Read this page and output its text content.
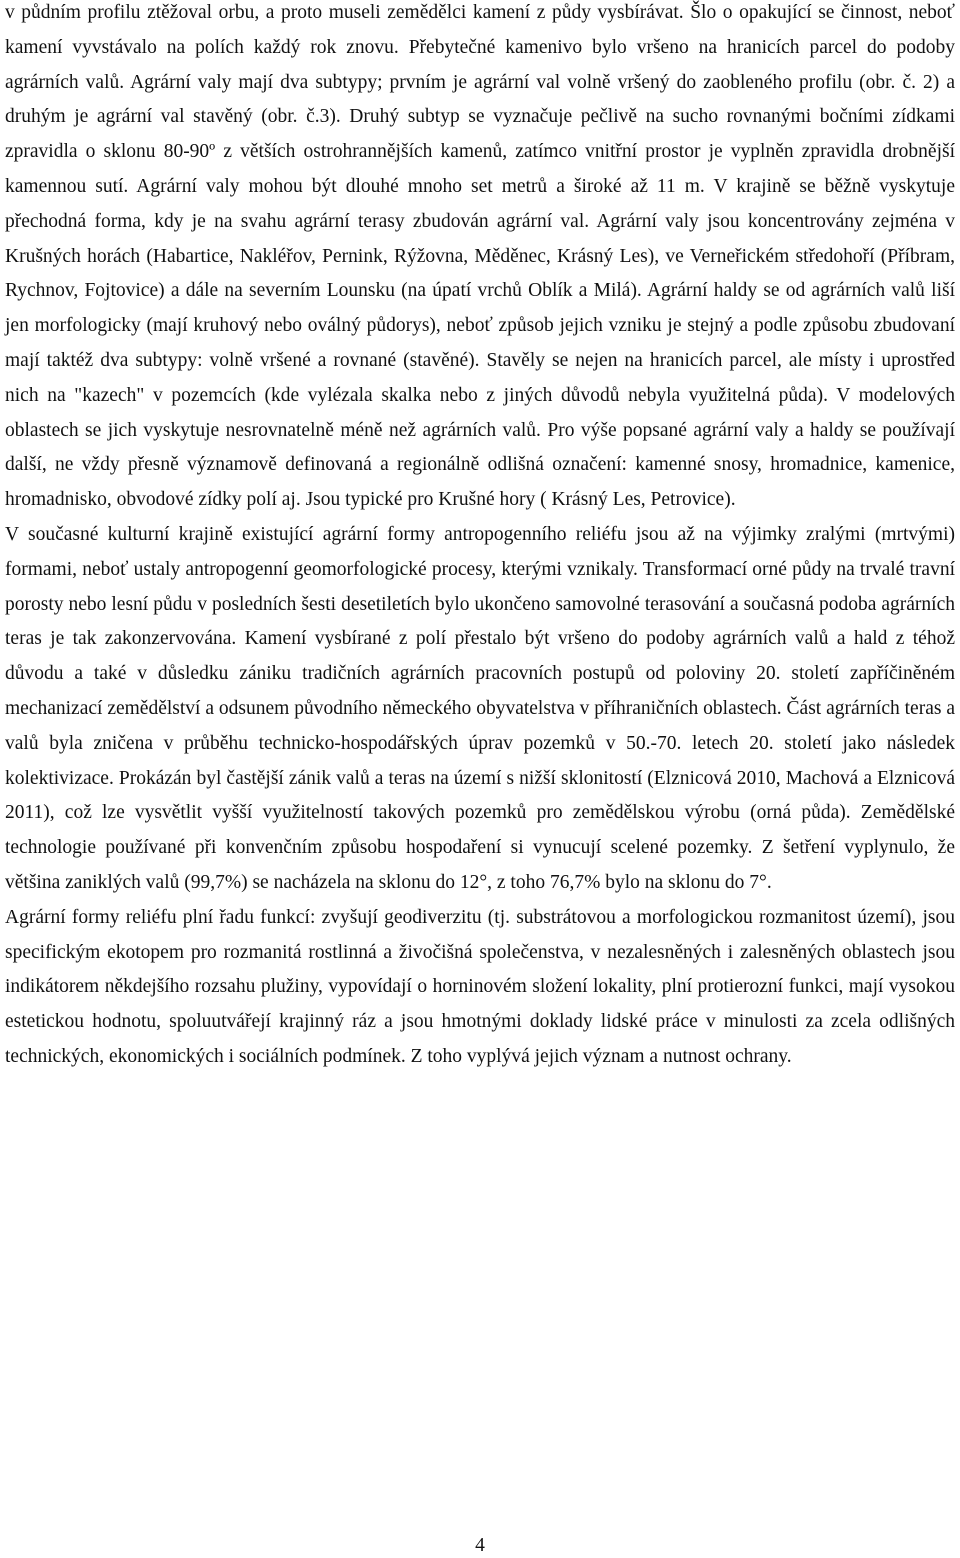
v půdním profilu ztěžoval orbu, a proto museli zemědělci kamení z půdy vysbírávat. Šlo o opakující se činnost, neboť kamení vyvstávalo na polích každý rok znovu. Přebytečné kamenivo bylo vršeno na hranicích parcel do podoby agrárních valů. Agrární valy mají dva subtypy; prvním je agrární val volně vršený do zaobleného profilu (obr. č. 2) a druhým je agrární val stavěný (obr. č.3). Druhý subtyp se vyznačuje pečlivě na sucho rovnanými bočními zídkami zpravidla o sklonu 80-90º z větších ostrohrannějších kamenů, zatímco vnitřní prostor je vyplněn zpravidla drobnější kamennou sutí. Agrární valy mohou být dlouhé mnoho set metrů a široké až 11 m. V krajině se běžně vyskytuje přechodná forma, kdy je na svahu agrární terasy zbudován agrární val. Agrární valy jsou koncentrovány zejména v Krušných horách (Habartice, Nakléřov, Pernink, Rýžovna, Měděnec, Krásný Les), ve Verneřickém středohoří (Příbram, Rychnov, Fojtovice) a dále na severním Lounsku (na úpatí vrchů Oblík a Milá). Agrární haldy se od agrárních valů liší jen morfologicky (mají kruhový nebo oválný půdorys), neboť způsob jejich vzniku je stejný a podle způsobu zbudovaní mají taktéž dva subtypy: volně vršené a rovnané (stavěné). Stavěly se nejen na hranicích parcel, ale místy i uprostřed nich na "kazech" v pozemcích (kde vylézala skalka nebo z jiných důvodů nebyla využitelná půda). V modelových oblastech se jich vyskytuje nesrovnatelně méně než agrárních valů. Pro výše popsané agrární valy a haldy se používají další, ne vždy přesně významově definovaná a regionálně odlišná označení: kamenné snosy, hromadnice, kamenice, hromadnisko, obvodové zídky polí aj. Jsou typické pro Krušné hory ( Krásný Les, Petrovice).

V současné kulturní krajině existující agrární formy antropogenního reliéfu jsou až na výjimky zralými (mrtvými) formami, neboť ustaly antropogenní geomorfologické procesy, kterými vznikaly. Transformací orné půdy na trvalé travní porosty nebo lesní půdu v posledních šesti desetiletích bylo ukončeno samovolné terasování a současná podoba agrárních teras je tak zakonzervována. Kamení vysbírané z polí přestalo být vršeno do podoby agrárních valů a hald z téhož důvodu a také v důsledku zániku tradičních agrárních pracovních postupů od poloviny 20. století zapříčiněném mechanizací zemědělství a odsunem původního německého obyvatelstva v příhraničních oblastech. Část agrárních teras a valů byla zničena v průběhu technicko-hospodářských úprav pozemků v 50.-70. letech 20. století jako následek kolektivizace. Prokázán byl častější zánik valů a teras na území s nižší sklonitostí (Elznicová 2010, Machová a Elznicová 2011), což lze vysvětlit vyšší využitelností takových pozemků pro zemědělskou výrobu (orná půda). Zemědělské technologie používané při konvenčním způsobu hospodaření si vynucují scelené pozemky. Z šetření vyplynulo, že většina zaniklých valů (99,7%) se nacházela na sklonu do 12°, z toho 76,7% bylo na sklonu do 7°.

Agrární formy reliéfu plní řadu funkcí: zvyšují geodiverzitu (tj. substrátovou a morfologickou rozmanitost území), jsou specifickým ekotopem pro rozmanitá rostlinná a živočišná společenstva, v nezalesněných i zalesněných oblastech jsou indikátorem někdejšího rozsahu plužiny, vypovídají o horninovém složení lokality, plní protierozní funkci, mají vysokou estetickou hodnotu, spoluutvářejí krajinný ráz a jsou hmotnými doklady lidské práce v minulosti za zcela odlišných technických, ekonomických i sociálních podmínek. Z toho vyplývá jejich význam a nutnost ochrany.

4
